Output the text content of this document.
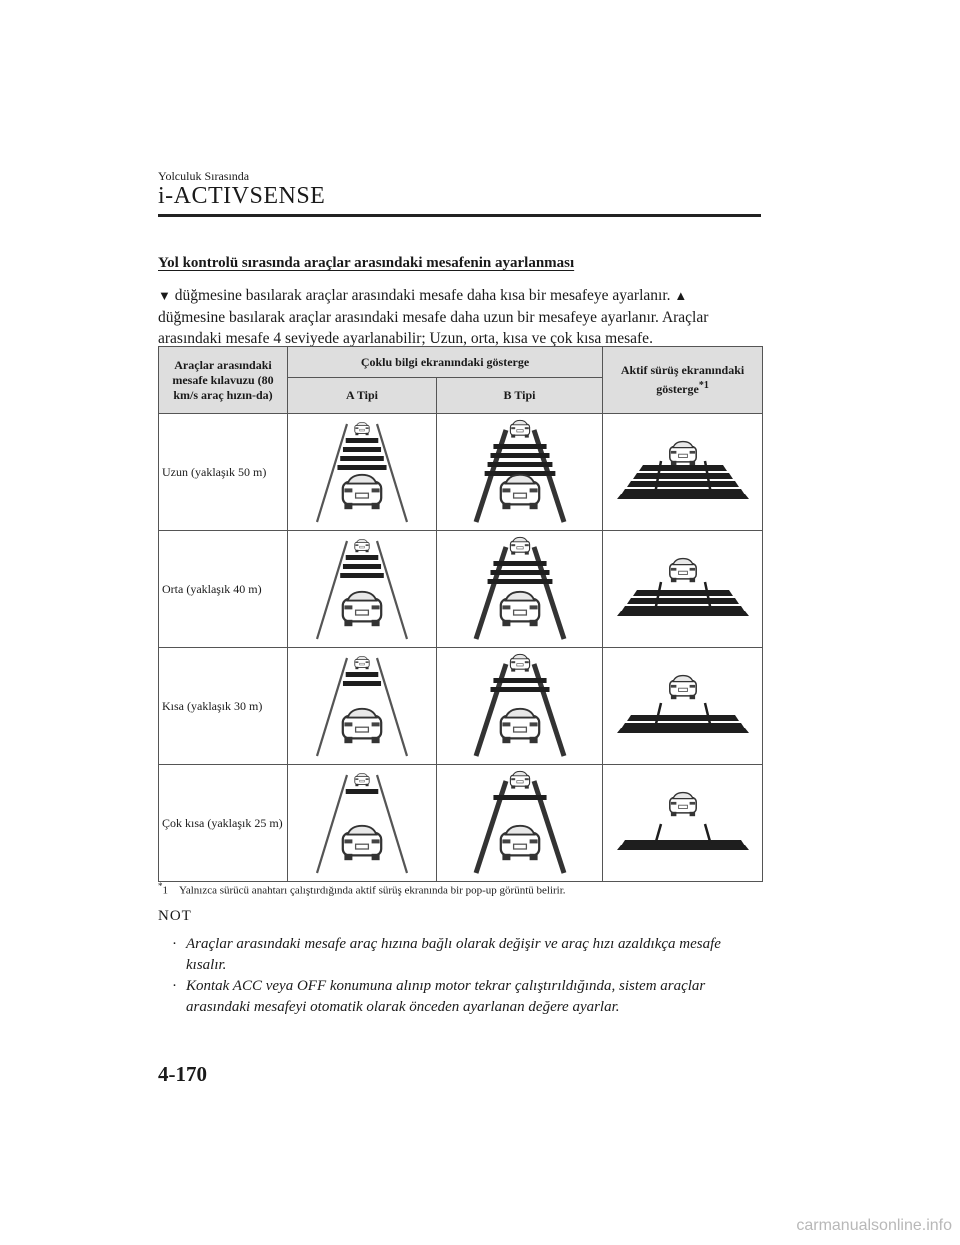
Yolculuk Sırasında
i-ACTIVSENSE
Yol kontrolü sırasında araçlar arasındaki mesafenin ayarlanması
▼ düğmesine basılarak araçlar arasındaki mesafe daha kısa bir mesafeye ayarlanır. ▲ düğmesine basılarak araçlar arasındaki mesafe daha uzun bir mesafeye ayarlanır. Araçlar arasındaki mesafe 4 seviyede ayarlanabilir; Uzun, orta, kısa ve çok kısa mesafe.
Araçlar arasındaki mesafe kılavuzu (80 km/s araç hızın-da)	Çoklu bilgi ekranındaki gösterge		Aktif sürüş ekranındaki gösterge$^{*1}$
	A Tipi	B Tipi	
Uzun (yaklaşık 50 m)	

Orta (yaklaşık 40 m)	

Kısa (yaklaşık 30 m)	

Çok kısa (yaklaşık 25 m)	

*1 Yalnızca sürücü anahtarı çalıştırdığında aktif sürüş ekranında bir pop-up görüntü belirir.
NOT
· Araçlar arasındaki mesafe araç hızına bağlı olarak değişir ve araç hızı azaldıkça mesafe kısalır.
· Kontak ACC veya OFF konumuna alınıp motor tekrar çalıştırıldığında, sistem araçlar arasındaki mesafeyi otomatik olarak önceden ayarlanan değere ayarlar.
4-170
carmanualsonline.info
